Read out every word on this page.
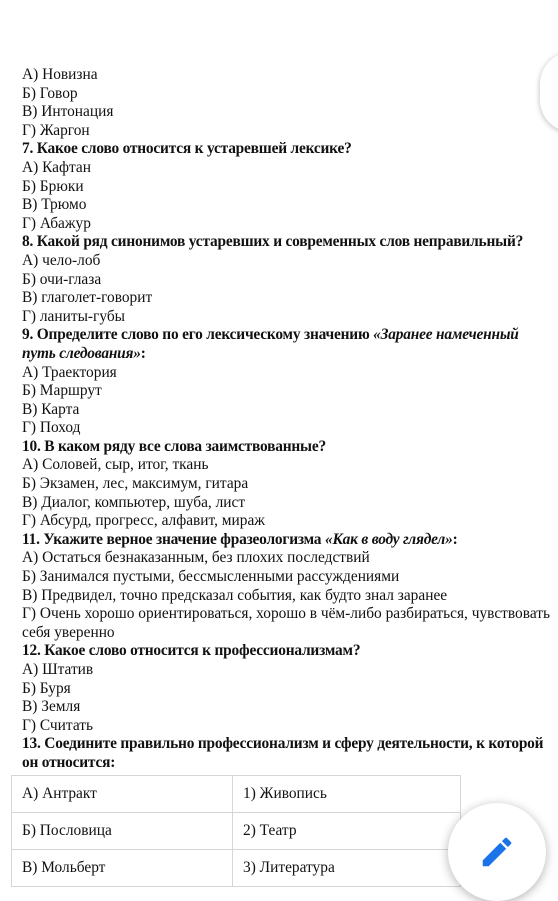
А) Новизна
Б) Говор
В) Интонация
Г) Жаргон
7. Какое слово относится к устаревшей лексике?
А) Кафтан
Б) Брюки
В) Трюмо
Г) Абажур
8. Какой ряд синонимов устаревших и современных слов неправильный?
А) чело-лоб
Б) очи-глаза
В) глаголет-говорит
Г) ланиты-губы
9. Определите слово по его лексическому значению «Заранее намеченный путь следования»:
А) Траектория
Б) Маршрут
В) Карта
Г) Поход
10. В каком ряду все слова заимствованные?
А) Соловей, сыр, итог, ткань
Б) Экзамен, лес, максимум, гитара
В) Диалог, компьютер, шуба, лист
Г) Абсурд, прогресс, алфавит, мираж
11. Укажите верное значение фразеологизма «Как в воду глядел»:
А) Остаться безнаказанным, без плохих последствий
Б) Занимался пустыми, бессмысленными рассуждениями
В) Предвидел, точно предсказал события, как будто знал заранее
Г) Очень хорошо ориентироваться, хорошо в чём-либо разбираться, чувствовать себя уверенно
12. Какое слово относится к профессионализмам?
А) Штатив
Б) Буря
В) Земля
Г) Считать
13. Соедините правильно профессионализм и сферу деятельности, к которой он относится:
А) Антракт	1) Живопись
Б) Пословица	2) Театр
В) Мольберт	3) Литература
